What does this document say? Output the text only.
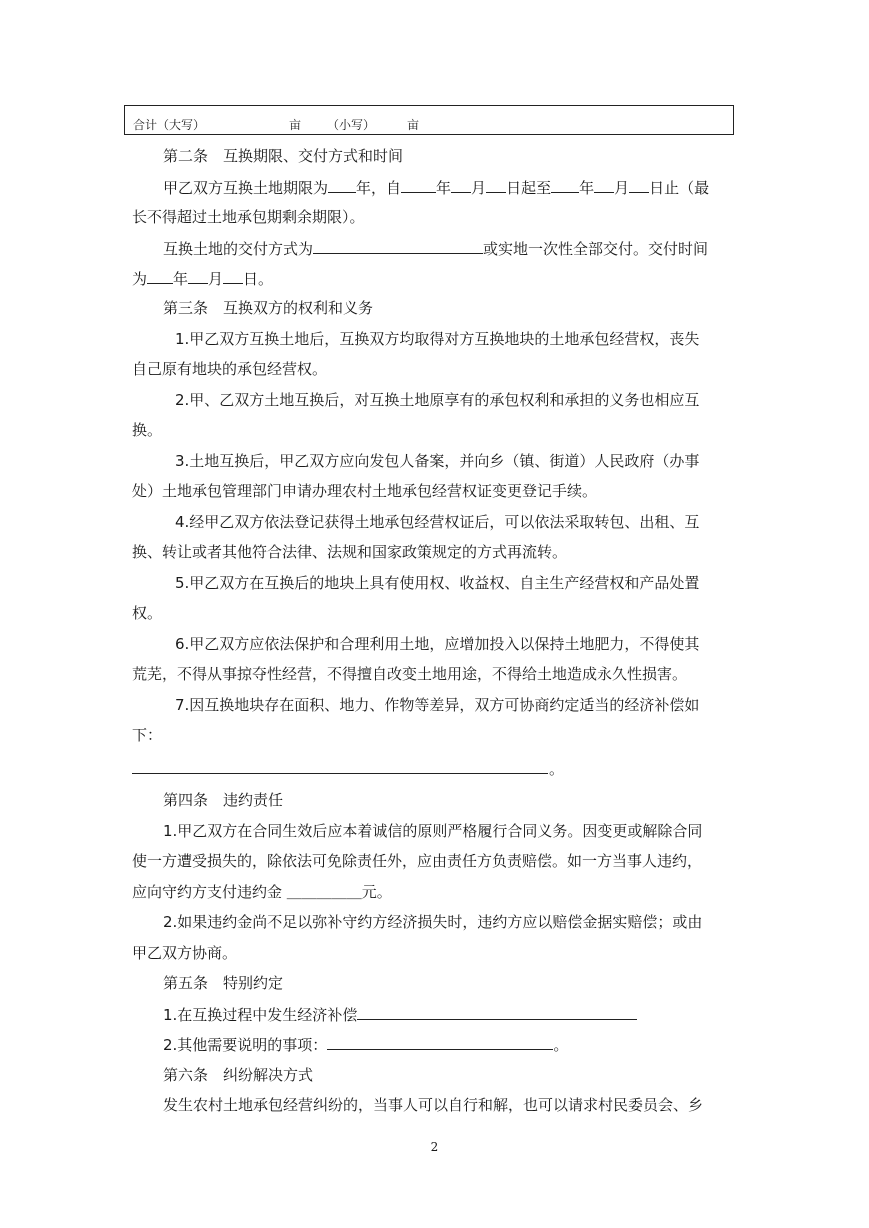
合计（大写）	亩 （小写）	亩
第二条　互换期限、交付方式和时间
甲乙双方互换土地期限为 年，自 年 月 日起至 年 月 日止（最
长不得超过土地承包期剩余期限）。
互换土地的交付方式为	或实地一次性全部交付。交付时间
为 年 月 日。
第三条　互换双方的权利和义务
1.甲乙双方互换土地后，互换双方均取得对方互换地块的土地承包经营权，丧失
自己原有地块的承包经营权。
2.甲、乙双方土地互换后，对互换土地原享有的承包权利和承担的义务也相应互
换。
3.土地互换后，甲乙双方应向发包人备案，并向乡（镇、街道）人民政府（办事
处）土地承包管理部门申请办理农村土地承包经营权证变更登记手续。
4.经甲乙双方依法登记获得土地承包经营权证后，可以依法采取转包、出租、互
换、转让或者其他符合法律、法规和国家政策规定的方式再流转。
5.甲乙双方在互换后的地块上具有使用权、收益权、自主生产经营权和产品处置
权。
6.甲乙双方应依法保护和合理利用土地，应增加投入以保持土地肥力，不得使其
荒芜，不得从事掠夺性经营，不得擅自改变土地用途，不得给土地造成永久性损害。
7.因互换地块存在面积、地力、作物等差异，双方可协商约定适当的经济补偿如
下：
。
第四条　违约责任
1.甲乙双方在合同生效后应本着诚信的原则严格履行合同义务。因变更或解除合同
使一方遭受损失的，除依法可免除责任外，应由责任方负责赔偿。如一方当事人违约，
应向守约方支付违约金 ＿＿＿＿＿元。
2.如果违约金尚不足以弥补守约方经济损失时，违约方应以赔偿金据实赔偿；或由
甲乙双方协商。
第五条　特别约定
1.在互换过程中发生经济补偿
2.其他需要说明的事项：	。
第六条　纠纷解决方式
发生农村土地承包经营纠纷的，当事人可以自行和解，也可以请求村民委员会、乡
2
